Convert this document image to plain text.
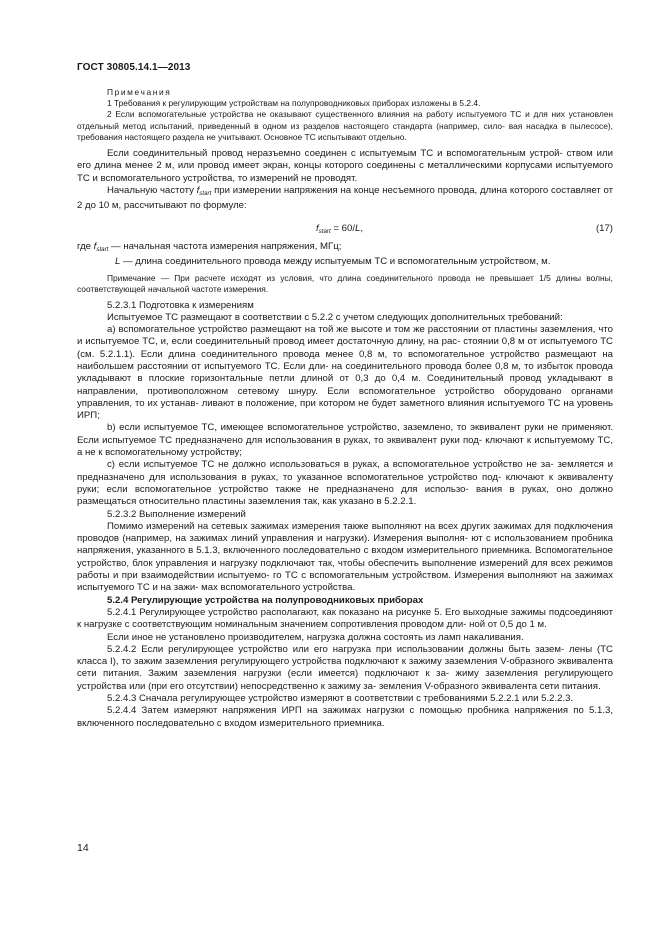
ГОСТ 30805.14.1—2013
Примечания
1 Требования к регулирующим устройствам на полупроводниковых приборах изложены в 5.2.4.
2 Если вспомогательные устройства не оказывают существенного влияния на работу испытуемого ТС и для них установлен отдельный метод испытаний, приведенный в одном из разделов настоящего стандарта (например, сило- вая насадка в пылесосе), требования настоящего раздела не учитывают. Основное ТС испытывают отдельно.
Если соединительный провод неразъемно соединен с испытуемым ТС и вспомогательным устрой- ством или его длина менее 2 м, или провод имеет экран, концы которого соединены с металлическими корпусами испытуемого ТС и вспомогательного устройства, то измерений не проводят.
Начальную частоту $f_{start}$ при измерении напряжения на конце несъемного провода, длина которого составляет от 2 до 10 м, рассчитывают по формуле:
$f_{start} = 60/L$,	(17)
где $f_{start}$ — начальная частота измерения напряжения, МГц;
L — длина соединительного провода между испытуемым ТС и вспомогательным устройством, м.
Примечание — При расчете исходят из условия, что длина соединительного провода не превышает 1/5 длины волны, соответствующей начальной частоте измерения.
5.2.3.1 Подготовка к измерениям
Испытуемое ТС размещают в соответствии с 5.2.2 с учетом следующих дополнительных требований:
a) вспомогательное устройство размещают на той же высоте и том же расстоянии от пластины заземления, что и испытуемое ТС, и, если соединительный провод имеет достаточную длину, на рас- стоянии 0,8 м от испытуемого ТС (см. 5.2.1.1). Если длина соединительного провода менее 0,8 м, то вспомогательное устройство размещают на наибольшем расстоянии от испытуемого ТС. Если дли- на соединительного провода более 0,8 м, то избыток провода укладывают в плоские горизонтальные петли длиной от 0,3 до 0,4 м. Соединительный провод укладывают в направлении, противоположном сетевому шнуру. Если вспомогательное устройство оборудовано органами управления, то их устанав- ливают в положение, при котором не будет заметного влияния испытуемого ТС на уровень ИРП;
b) если испытуемое ТС, имеющее вспомогательное устройство, заземлено, то эквивалент руки не применяют. Если испытуемое ТС предназначено для использования в руках, то эквивалент руки под- ключают к испытуемому ТС, а не к вспомогательному устройству;
c) если испытуемое ТС не должно использоваться в руках, а вспомогательное устройство не за- земляется и предназначено для использования в руках, то указанное вспомогательное устройство под- ключают к эквиваленту руки; если вспомогательное устройство также не предназначено для использо- вания в руках, оно должно размещаться относительно пластины заземления так, как указано в 5.2.2.1.
5.2.3.2 Выполнение измерений
Помимо измерений на сетевых зажимах измерения также выполняют на всех других зажимах для подключения проводов (например, на зажимах линий управления и нагрузки). Измерения выполня- ют с использованием пробника напряжения, указанного в 5.1.3, включенного последовательно с входом измерительного приемника. Вспомогательное устройство, блок управления и нагрузку подключают так, чтобы обеспечить выполнение измерений для всех режимов работы и при взаимодействии испытуемо- го ТС с вспомогательным устройством. Измерения выполняют на зажимах испытуемого ТС и на зажи- мах вспомогательного устройства.
5.2.4 Регулирующие устройства на полупроводниковых приборах
5.2.4.1 Регулирующее устройство располагают, как показано на рисунке 5. Его выходные зажимы подсоединяют к нагрузке с соответствующим номинальным значением сопротивления проводом дли- ной от 0,5 до 1 м.
Если иное не установлено производителем, нагрузка должна состоять из ламп накаливания.
5.2.4.2 Если регулирующее устройство или его нагрузка при использовании должны быть зазем- лены (ТС класса I), то зажим заземления регулирующего устройства подключают к зажиму заземления V-образного эквивалента сети питания. Зажим заземления нагрузки (если имеется) подключают к за- жиму заземления регулирующего устройства или (при его отсутствии) непосредственно к зажиму за- земления V-образного эквивалента сети питания.
5.2.4.3 Сначала регулирующее устройство измеряют в соответствии с требованиями 5.2.2.1 или 5.2.2.3.
5.2.4.4 Затем измеряют напряжения ИРП на зажимах нагрузки с помощью пробника напряжения по 5.1.3, включенного последовательно с входом измерительного приемника.
14
